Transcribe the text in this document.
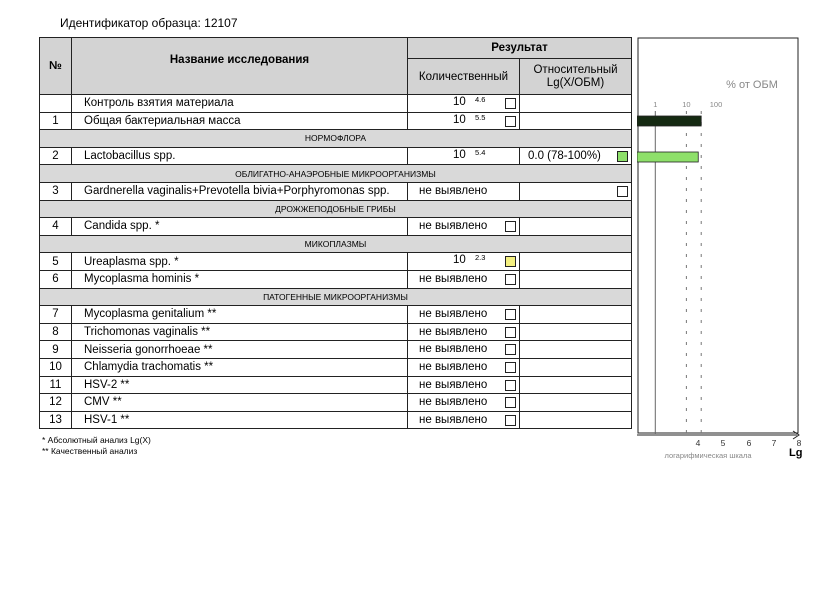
Идентификатор образца: 12107
№	Название исследования	Результат	
		Количественный	Относительный
Lg(X/ОБМ)
	Контроль взятия материала	10 4.6	

1	Общая бактериальная масса	10 5.5	

НОРМОФЛОРА			
2	Lactobacillus spp.	10 5.4	0.0 (78-100%)

ОБЛИГАТНО-АНАЭРОБНЫЕ МИКРООРГАНИЗМЫ			
3	Gardnerella vaginalis+Prevotella bivia+Porphyromonas spp.	не выявлено	

ДРОЖЖЕПОДОБНЫЕ ГРИБЫ			
4	Candida spp. *	не выявлено	

МИКОПЛАЗМЫ			
5	Ureaplasma spp. *	10 2.3	

6	Mycoplasma hominis *	не выявлено	

ПАТОГЕННЫЕ МИКРООРГАНИЗМЫ			
7	Mycoplasma genitalium **	не выявлено	

8	Trichomonas vaginalis **	не выявлено	

9	Neisseria gonorrhoeae **	не выявлено	

10	Chlamydia trachomatis **	не выявлено	

11	HSV-2 **	не выявлено	

12	CMV **	не выявлено	

13	HSV-1 **	не выявлено	

* Абсолютный анализ Lg(X)
** Качественный анализ
% от ОБМ
1	10	100
4 5	6 7 8
логарифмическая шкала	Lg
